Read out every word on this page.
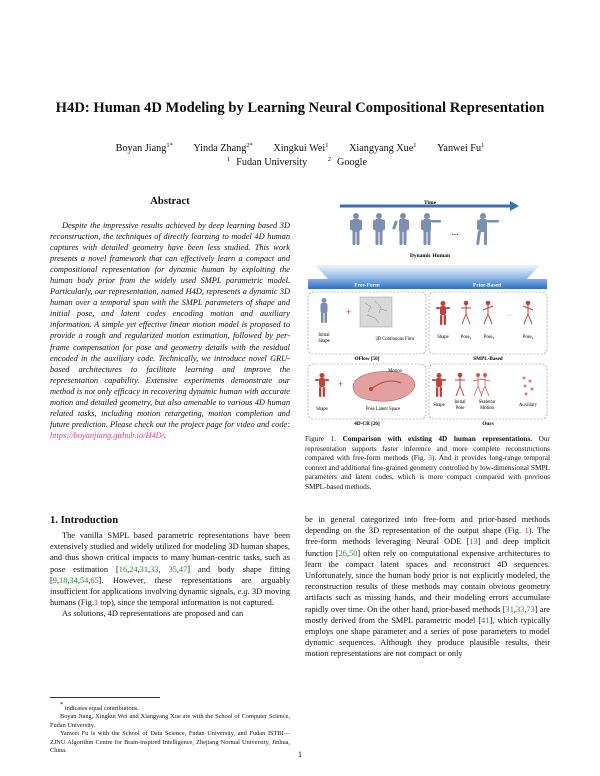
H4D: Human 4D Modeling by Learning Neural Compositional Representation
Boyan Jiang$^{1*}$ Yinda Zhang$^{2*}$ Xingkui Wei$^1$ Xiangyang Xue$^1$ Yanwei Fu$^1$
$^1$ Fudan University	$^2$ Google
Abstract
Despite the impressive results achieved by deep learning based 3D reconstruction, the techniques of directly learning to model 4D human captures with detailed geometry have been less studied. This work presents a novel framework that can effectively learn a compact and compositional representation for dynamic human by exploiting the human body prior from the widely used SMPL parametric model. Particularly, our representation, named H4D, represents a dynamic 3D human over a temporal span with the SMPL parameters of shape and initial pose, and latent codes encoding motion and auxiliary information. A simple yet effective linear motion model is proposed to provide a rough and regularized motion estimation, followed by per-frame compensation for pose and geometry details with the residual encoded in the auxiliary code. Technically, we introduce novel GRU-based architectures to facilitate learning and improve the representation capability. Extensive experiments demonstrate our method is not only efficacy in recovering dynamic human with accurate motion and detailed geometry, but also amenable to various 4D human related tasks, including motion retargeting, motion completion and future prediction. Please check out the project page for video and code: https://boyanjiang.github.io/H4D/.
1. Introduction
The vanilla SMPL based parametric representations have been extensively studied and widely utilized for modeling 3D human shapes, and thus shown critical impacts to many human-centric tasks, such as pose estimation [16,24,31,33, 35,47] and body shape fitting [9,18,34,54,65]. However, these representations are arguably insufficient for applications involving dynamic signals, e.g. 3D moving humans (Fig.1 top), since the temporal information is not captured.
As solutions, 4D representations are proposed and can
be in general categorized into free-form and prior-based methods depending on the 3D representation of the output shape (Fig. 1). The free-form methods leveraging Neural ODE [13] and deep implicit function [26,50] often rely on computational expensive architectures to learn the compact latent spaces and reconstruct 4D sequences. Unfortunately, since the human body prior is not explicitly modeled, the reconstruction results of these methods may contain obvious geometry artifacts such as missing hands, and their modeling errors accumulate rapidly over time. On the other hand, prior-based methods [31,33,73] are mostly derived from the SMPL parametric model [41], which typically employs one shape parameter and a series of pose parameters to model dynamic sequences. Although they produce plausible results, their motion representations are not compact or only
* indicates equal contributions.
Boyan Jiang, Xingkui Wei and Xiangyang Xue are with the School of Computer Science, Fudan University.
Yanwei Fu is with the School of Data Science, Fudan University, and Fudan ISTBI—ZJNU Algorithm Centre for Brain-inspired Intelligence, Zhejiang Normal University, Jinhua, China.	1
Time
...
Dynamic Human
Free-Form	Prior-Based
Initial
Shape
+
3D Continuous Flow
OFlow [50]
···
Shape	Pose$_1$	Pose$_2$	Pose$_n$
SMPL-Based
+
Motion
Shape	Pose Latent Space
4D-CR [26]
Shape
Initial
Pose
Skeleton
Motion
Auxiliary
Ours
Figure 1. Comparison with existing 4D human representations. Our representation supports faster inference and more complete reconstructions compared with free-form methods (Fig. 3). And it provides long-range temporal context and additional fine-grained geometry controlled by low-dimensional SMPL parameters and latent codes, which is more compact compared with previous SMPL-based methods.
